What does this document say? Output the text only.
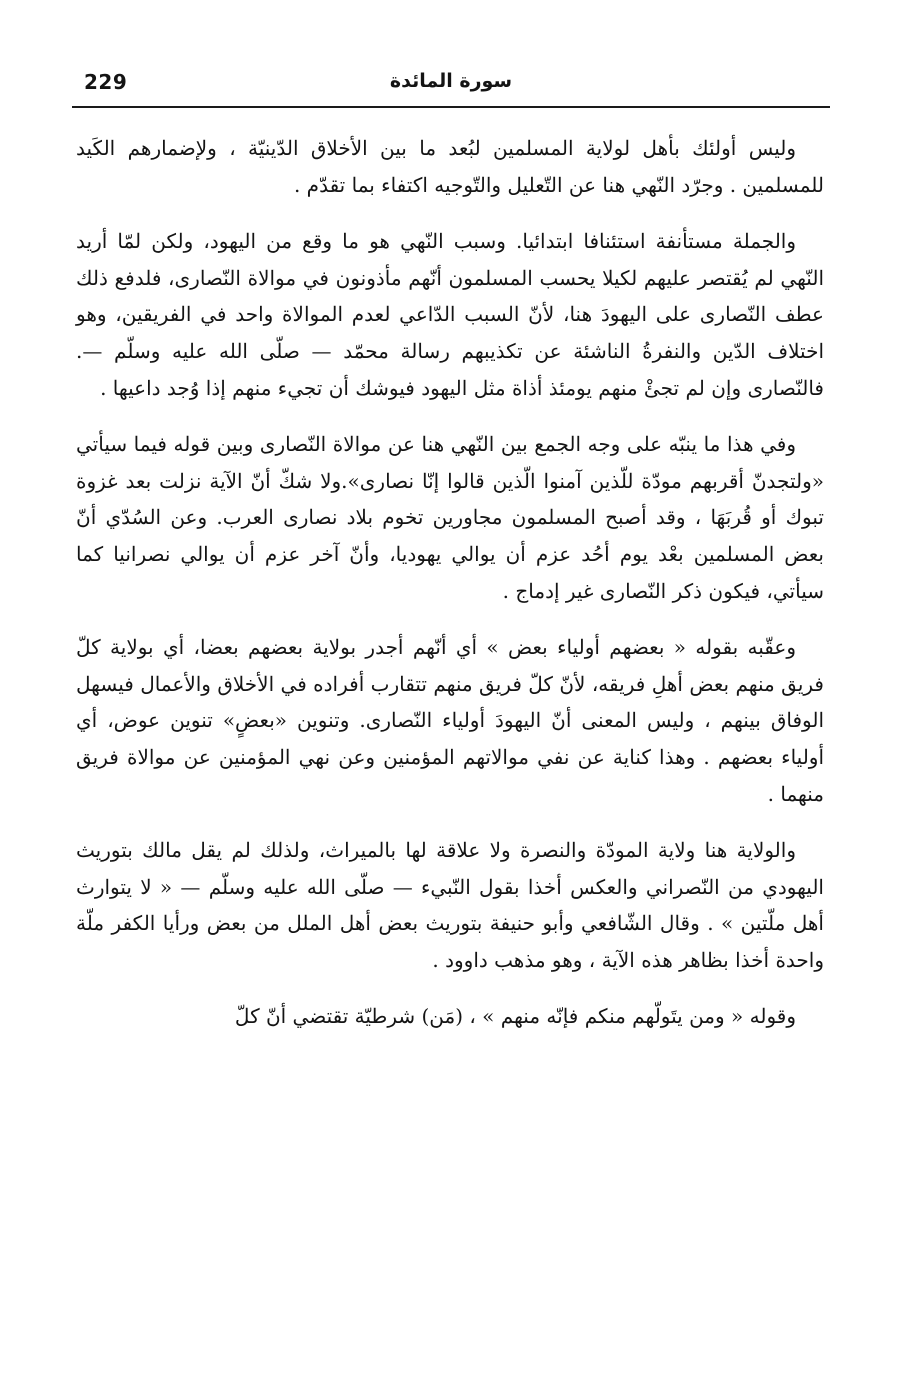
229	سورة المائدة

وليس أولئك بأهل لولاية المسلمين لبُعد ما بين الأخلاق الدّينيّة ، ولإضمارهم الكَيد للمسلمين . وجرّد النّهي هنا عن التّعليل والتّوجيه اكتفاء بما تقدّم .

والجملة مستأنفة استئنافا ابتدائيا. وسبب النّهي هو ما وقع من اليهود، ولكن لمّا أريد النّهي لم يُقتصر عليهم لكيلا يحسب المسلمون أنّهم مأذونون في موالاة النّصارى، فلدفع ذلك عطف النّصارى على اليهودَ هنا، لأنّ السبب الدّاعي لعدم الموالاة واحد في الفريقين، وهو اختلاف الدّين والنفرةُ الناشئة عن تكذيبهم رسالة محمّد — صلّى الله عليه وسلّم —. فالنّصارى وإن لم تجئْ منهم يومئذ أذاة مثل اليهود فيوشك أن تجيء منهم إذا وُجد داعيها .

وفي هذا ما ينبّه على وجه الجمع بين النّهي هنا عن موالاة النّصارى وبين قوله فيما سيأتي «ولتجدنّ أقربهم مودّة للّذين آمنوا الّذين قالوا إنّا نصارى».ولا شكّ أنّ الآية نزلت بعد غزوة تبوك أو قُربَهَا ، وقد أصبح المسلمون مجاورين تخوم بلاد نصارى العرب. وعن السُدّي أنّ بعض المسلمين بعْد يوم أحُد عزم أن يوالي يهوديا، وأنّ آخر عزم أن يوالي نصرانيا كما سيأتي، فيكون ذكر النّصارى غير إدماج .

وعقّبه بقوله « بعضهم أولياء بعض » أي أنّهم أجدر بولاية بعضهم بعضا، أي بولاية كلّ فريق منهم بعض أهلِ فريقه، لأنّ كلّ فريق منهم تتقارب أفراده في الأخلاق والأعمال فيسهل الوفاق بينهم ، وليس المعنى أنّ اليهودَ أولياء النّصارى. وتنوين «بعضٍ» تنوين عوض، أي أولياء بعضهم . وهذا كناية عن نفي موالاتهم المؤمنين وعن نهي المؤمنين عن موالاة فريق منهما .

والولاية هنا ولاية المودّة والنصرة ولا علاقة لها بالميراث، ولذلك لم يقل مالك بتوريث اليهودي من النّصراني والعكس أخذا بقول النّبيء — صلّى الله عليه وسلّم — « لا يتوارث أهل ملّتين » . وقال الشّافعي وأبو حنيفة بتوريث بعض أهل الملل من بعض ورأيا الكفر ملّة واحدة أخذا بظاهر هذه الآية ، وهو مذهب داوود .

وقوله « ومن يتَولّهم منكم فإنّه منهم » ، (مَن) شرطيّة تقتضي أنّ كلّ
